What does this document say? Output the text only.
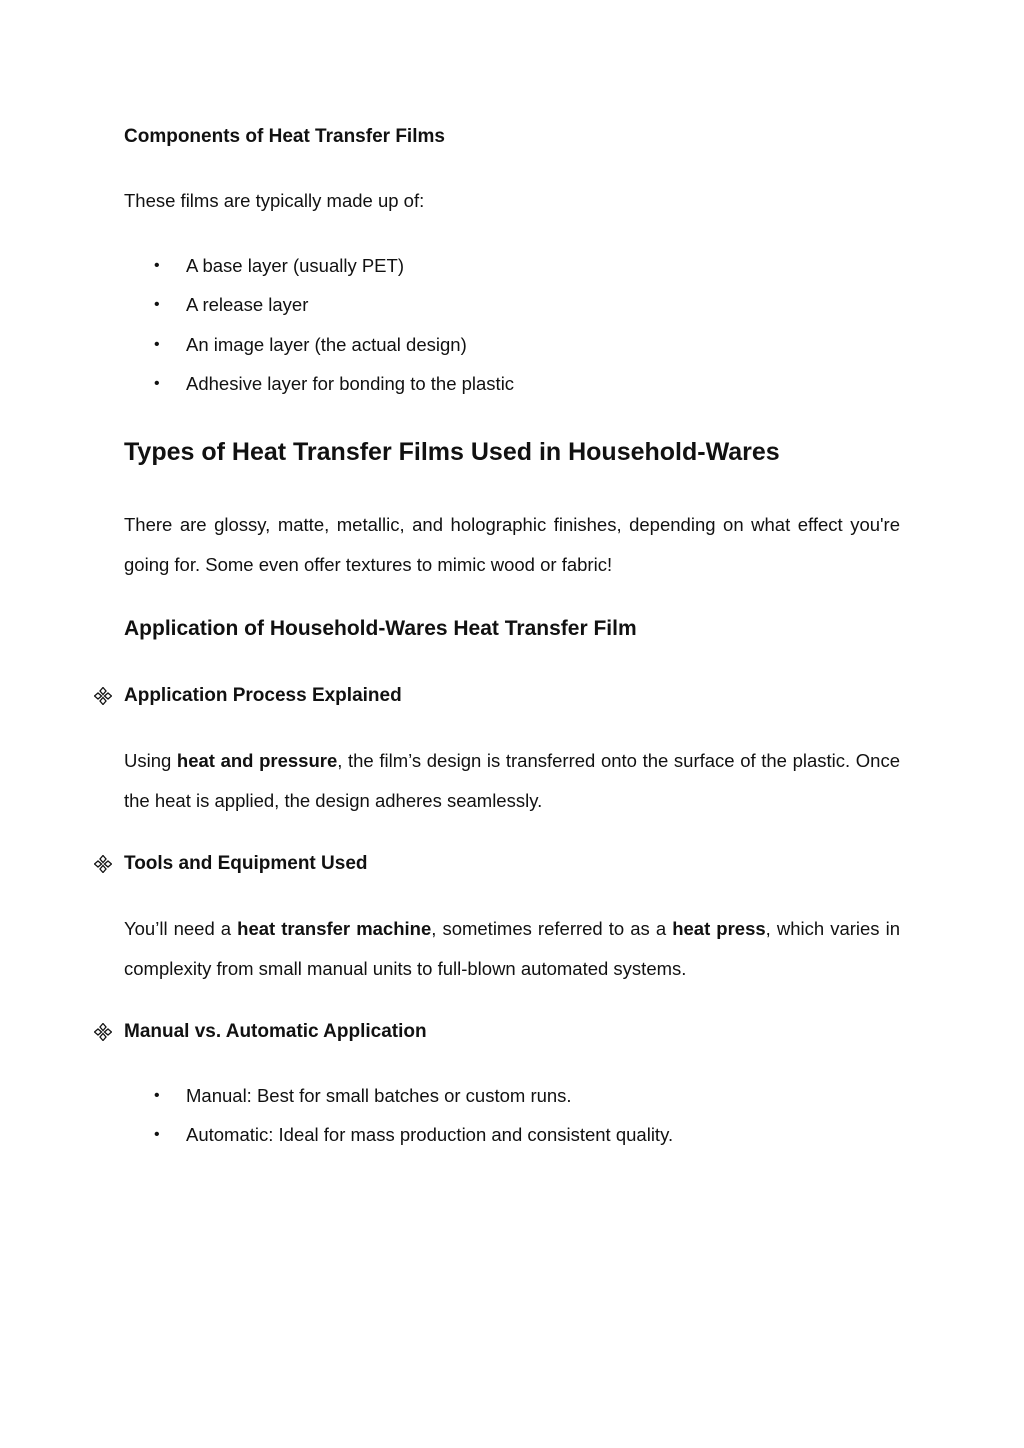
Components of Heat Transfer Films

These films are typically made up of:

• A base layer (usually PET)
• A release layer
• An image layer (the actual design)
• Adhesive layer for bonding to the plastic
Types of Heat Transfer Films Used in Household-Wares

There are glossy, matte, metallic, and holographic finishes, depending on what effect you're going for. Some even offer textures to mimic wood or fabric!

Application of Household-Wares Heat Transfer Film
Application Process Explained

Using heat and pressure, the film’s design is transferred onto the surface of the plastic. Once the heat is applied, the design adheres seamlessly.

Tools and Equipment Used

You’ll need a heat transfer machine, sometimes referred to as a heat press, which varies in complexity from small manual units to full-blown automated systems.

Manual vs. Automatic Application
• Manual: Best for small batches or custom runs.
• Automatic: Ideal for mass production and consistent quality.
